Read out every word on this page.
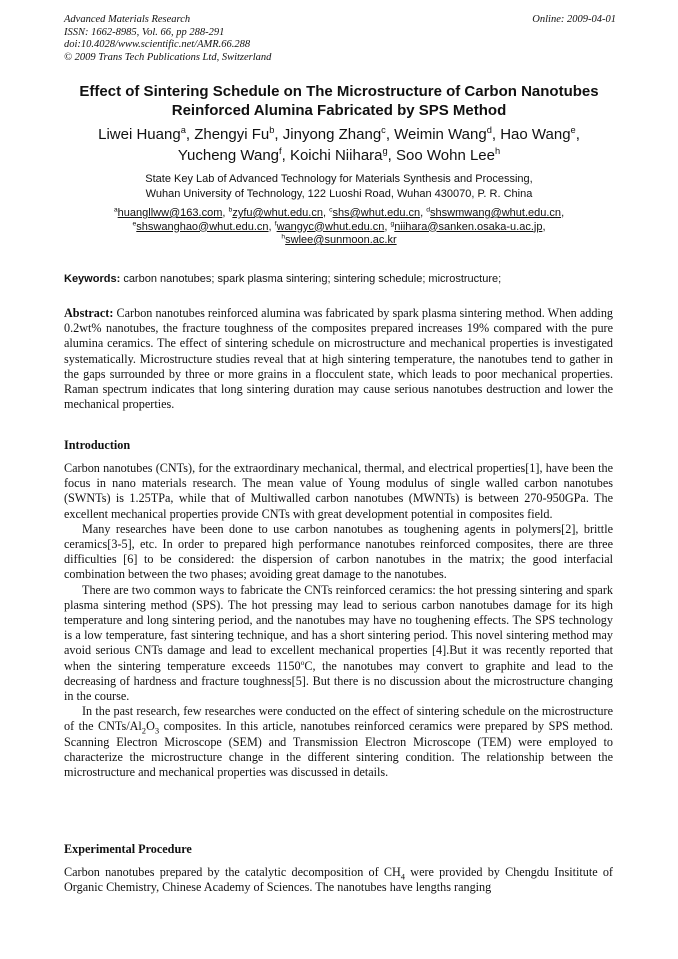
Advanced Materials Research
ISSN: 1662-8985, Vol. 66, pp 288-291
doi:10.4028/www.scientific.net/AMR.66.288
© 2009 Trans Tech Publications Ltd, Switzerland
Online: 2009-04-01
Effect of Sintering Schedule on The Microstructure of Carbon Nanotubes Reinforced Alumina Fabricated by SPS Method
Liwei Huang$^a$, Zhengyi Fu$^b$, Jinyong Zhang$^c$, Weimin Wang$^d$, Hao Wang$^e$,
Yucheng Wang$^f$, Koichi Niihara$^g$, Soo Wohn Lee$^h$
State Key Lab of Advanced Technology for Materials Synthesis and Processing,
Wuhan University of Technology, 122 Luoshi Road, Wuhan 430070, P. R. China
$^a$huangllww@163.com, $^b$zyfu@whut.edu.cn, $^c$shs@whut.edu.cn, $^d$shswmwang@whut.edu.cn,
$^e$shswanghao@whut.edu.cn, $^f$wangyc@whut.edu.cn, $^g$niihara@sanken.osaka-u.ac.jp,
$^h$swlee@sunmoon.ac.kr
Keywords: carbon nanotubes; spark plasma sintering; sintering schedule; microstructure;

Abstract: Carbon nanotubes reinforced alumina was fabricated by spark plasma sintering method. When adding 0.2wt% nanotubes, the fracture toughness of the composites prepared increases 19% compared with the pure alumina ceramics. The effect of sintering schedule on microstructure and mechanical properties is investigated systematically. Microstructure studies reveal that at high sintering temperature, the nanotubes tend to gather in the gaps surrounded by three or more grains in a flocculent state, which leads to poor mechanical properties. Raman spectrum indicates that long sintering duration may cause serious nanotubes destruction and lower the mechanical properties.

Introduction

Carbon nanotubes (CNTs), for the extraordinary mechanical, thermal, and electrical properties[1], have been the focus in nano materials research. The mean value of Young modulus of single walled carbon nanotubes (SWNTs) is 1.25TPa, while that of Multiwalled carbon nanotubes (MWNTs) is between 270-950GPa. The excellent mechanical properties provide CNTs with great development potential in composites field.

Many researches have been done to use carbon nanotubes as toughening agents in polymers[2], brittle ceramics[3-5], etc. In order to prepared high performance nanotubes reinforced composites, there are three difficulties [6] to be considered: the dispersion of carbon nanotubes in the matrix; the good interfacial combination between the two phases; avoiding great damage to the nanotubes.

There are two common ways to fabricate the CNTs reinforced ceramics: the hot pressing sintering and spark plasma sintering method (SPS). The hot pressing may lead to serious carbon nanotubes damage for its high temperature and long sintering period, and the nanotubes may have no toughening effects. The SPS technology is a low temperature, fast sintering technique, and has a short sintering period. This novel sintering method may avoid serious CNTs damage and lead to excellent mechanical properties [4].But it was recently reported that when the sintering temperature exceeds 1150$^o$C, the nanotubes may convert to graphite and lead to the decreasing of hardness and fracture toughness[5]. But there is no discussion about the microstructure changing in the course.

In the past research, few researches were conducted on the effect of sintering schedule on the microstructure of the CNTs/$Al_2O_3$ composites. In this article, nanotubes reinforced ceramics were prepared by SPS method. Scanning Electron Microscope (SEM) and Transmission Electron Microscope (TEM) were employed to characterize the microstructure change in the different sintering condition. The relationship between the microstructure and mechanical properties was discussed in details.

Experimental Procedure

Carbon nanotubes prepared by the catalytic decomposition of $CH_4$ were provided by Chengdu Insititute of Organic Chemistry, Chinese Academy of Sciences. The nanotubes have lengths ranging
